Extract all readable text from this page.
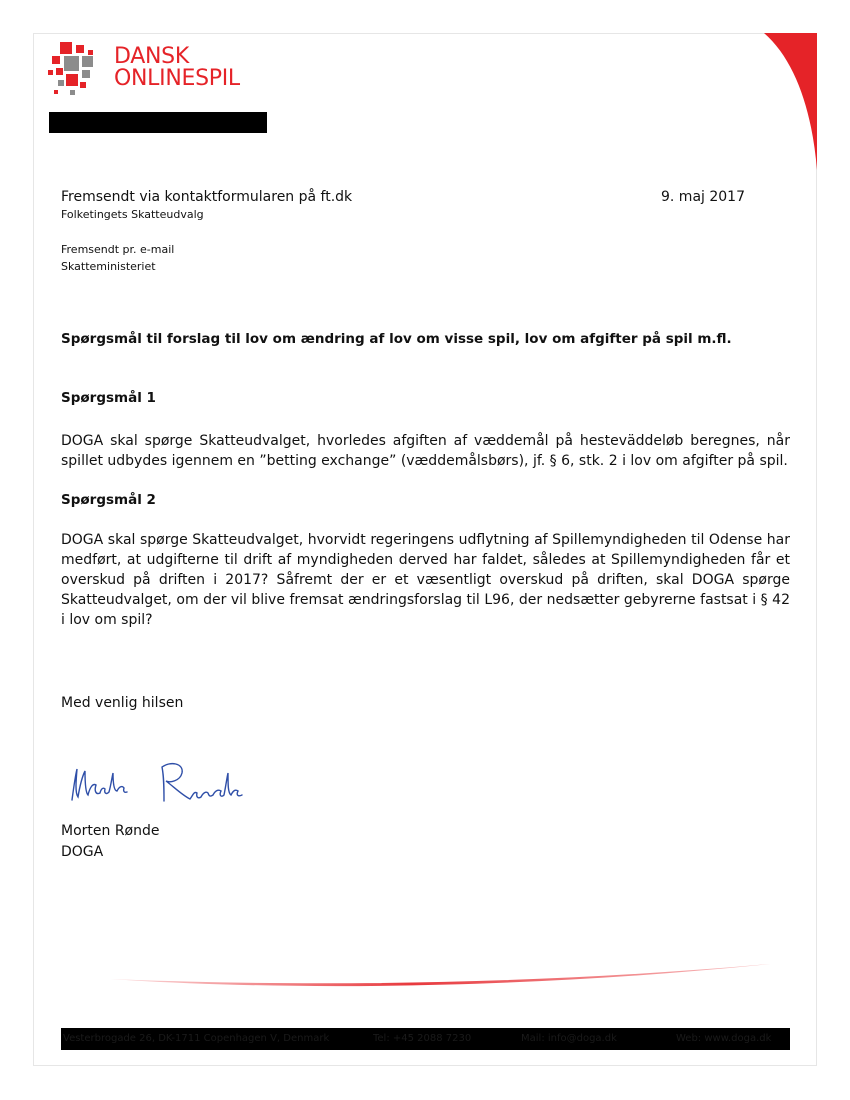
DANSK
ONLINESPIL
Fremsendt via kontaktformularen på ft.dk	9. maj 2017
Folketingets Skatteudvalg
Fremsendt pr. e-mail
Skatteministeriet
Spørgsmål til forslag til lov om ændring af lov om visse spil, lov om afgifter på spil m.fl.
Spørgsmål 1
DOGA skal spørge Skatteudvalget, hvorledes afgiften af væddemål på hesteväddeløb beregnes, når spillet udbydes igennem en ”betting exchange” (væddemålsbørs), jf. § 6, stk. 2 i lov om afgifter på spil.
Spørgsmål 2
DOGA skal spørge Skatteudvalget, hvorvidt regeringens udflytning af Spillemyndigheden til Odense har medført, at udgifterne til drift af myndigheden derved har faldet, således at Spillemyndigheden får et overskud på driften i 2017? Såfremt der er et væsentligt overskud på driften, skal DOGA spørge Skatteudvalget, om der vil blive fremsat ændringsforslag til L96, der nedsætter gebyrerne fastsat i § 42 i lov om spil?
Med venlig hilsen
Morten Rønde
DOGA
Vesterbrogade 26, DK-1711 Copenhagen V, Denmark	Tel: +45 2088 7230	Mail: info@doga.dk	Web: www.doga.dk
